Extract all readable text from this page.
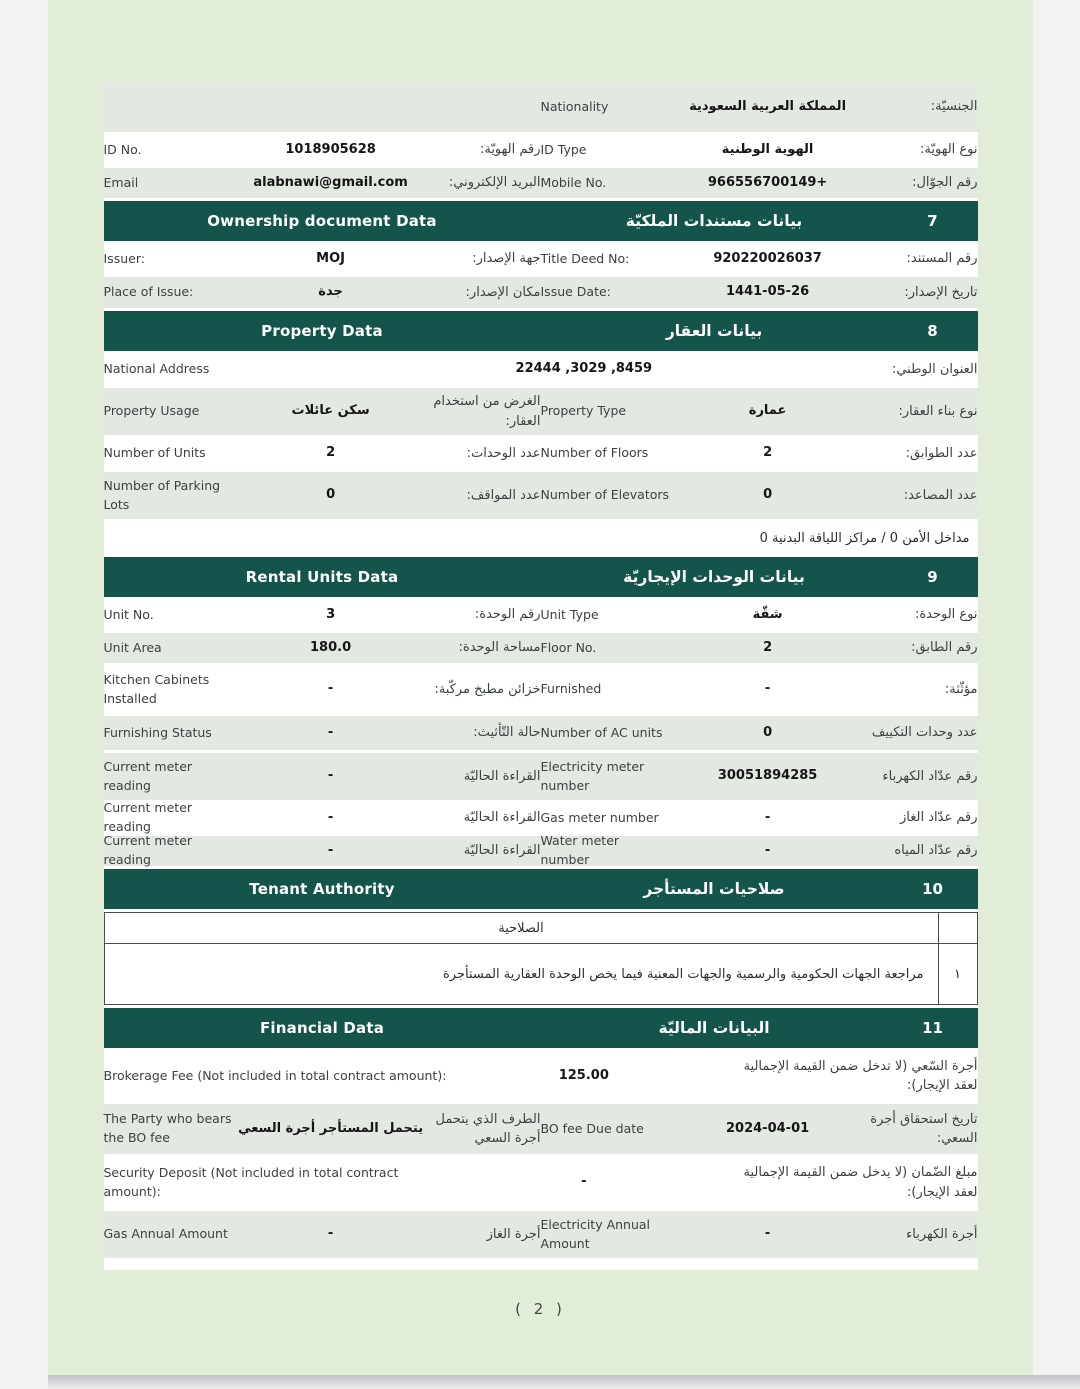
الجنسيّة:
المملكة العربية السعودية
Nationality
نوع الهويّة:
الهوية الوطنية
ID Type
رقم الهويّة:
1018905628
ID No.
رقم الجوّال:
+966556700149
Mobile No.
البريد الإلكتروني:
alabnawi@gmail.com
Email
7
بيانات مستندات الملكيّة
Ownership document Data
رقم المستند:
920220026037
Title Deed No:
جهة الإصدار:
MOJ
Issuer:
تاريخ الإصدار:
1441-05-26
Issue Date:
مكان الإصدار:
جدة
Place of Issue:
8
بيانات العقار
Property Data
العنوان الوطني:
8459, 3029, 22444
National Address
نوع بناء العقار:
عمارة
Property Type
الغرض من استخدام العقار:
سكن عائلات
Property Usage
عدد الطوابق:
2
Number of Floors
عدد الوحدات:
2
Number of Units
عدد المصاعد:
0
Number of Elevators
عدد المواقف:
0
Number of Parking Lots
مداخل الأمن 0 / مراكز اللياقة البدنية 0
9
بيانات الوحدات الإيجاريّة
Rental Units Data
نوع الوحدة:
شقّة
Unit Type
رقم الوحدة:
3
Unit No.
رقم الطابق:
2
Floor No.
مساحة الوحدة:
180.0
Unit Area
مؤثّثة:
-
Furnished
خزائن مطبخ مركّبة:
-
Kitchen Cabinets Installed
عدد وحدات التكييف
0
Number of AC units
حالة التّأثيث:
-
Furnishing Status
رقم عدّاد الكهرباء
30051894285
Electricity meter number
القراءة الحاليّة
-
Current meter reading
رقم عدّاد الغاز
-
Gas meter number
القراءة الحاليّة
-
Current meter reading
رقم عدّاد المياه
-
Water meter number
القراءة الحاليّة
-
Current meter reading
10
صلاحيات المستأجر
Tenant Authority
الصلاحية
١
مراجعة الجهات الحكومية والرسمية والجهات المعنية فيما يخص الوحدة العقارية المستأجرة
11
البيانات الماليّة
Financial Data
أجرة السّعي (لا تدخل ضمن القيمة الإجمالية لعقد الإيجار):
125.00
Brokerage Fee (Not included in total contract amount):
تاريخ استحقاق أجرة السعي:
2024-04-01
BO fee Due date
الطرف الذي يتحمل أجرة السعي
يتحمل المستأجر أجرة السعي
The Party who bears the BO fee
مبلغ الضّمان (لا يدخل ضمن القيمة الإجمالية لعقد الإيجار):
-
Security Deposit (Not included in total contract amount):
أجرة الكهرباء
-
Electricity Annual Amount
أجرة الغاز
-
Gas Annual Amount
( 2 )
